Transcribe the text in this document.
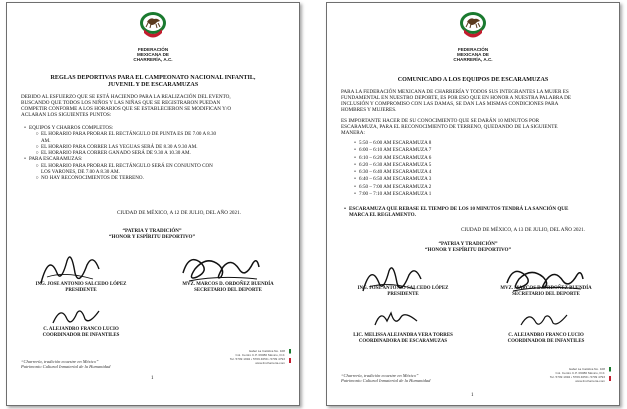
FEDERACIÓN
MEXICANA DE
CHARRERÍA, A.C.
REGLAS DEPORTIVAS PARA EL CAMPEONATO NACIONAL INFANTIL,
JUVENIL Y DE ESCARAMUZAS
DEBIDO AL ESFUERZO QUE SE ESTÁ HACIENDO PARA LA REALIZACIÓN DEL EVENTO,
BUSCANDO QUE TODOS LOS NIÑOS Y LAS NIÑAS QUE SE REGISTRARON PUEDAN
COMPETIR CONFORME A LOS HORARIOS QUE SE ESTABLECIERON SE MODIFICAN Y/O
ACLARAN LOS SIGUIENTES PUNTOS:
• EQUIPOS Y CHARROS COMPLETOS:
○ EL HORARIO PARA PROBAR EL RECTÁNGULO DE PUNTA ES DE 7.00 A 8.30
AM.
○ EL HORARIO PARA CORRER LAS YEGUAS SERÁ DE 8.30 A 9.30 AM.
○ EL HORARIO PARA CORRER GANADO SERÁ DE 9.30 A 10.30 AM.
• PARA ESCARAMUZAS:
○ EL HORARIO PARA PROBAR EL RECTÁNGULO SERÁ EN CONJUNTO CON
LOS VARONES, DE 7.00 A 8.30 AM.
○ NO HAY RECONOCIMIENTOS DE TERRENO.
CIUDAD DE MÉXICO, A 12 DE JULIO, DEL AÑO 2021.
“PATRIA Y TRADICIÓN”
“HONOR Y ESPÍRITU DEPORTIVO”
ING. JOSE ANTONIO SALCEDO LÓPEZ
PRESIDENTE
MVZ. MARCOS D. ORDOÑEZ BUENDÍA
SECRETARIO DEL DEPORTE
C. ALEJANDRO FRANCO LUCIO
COORDINADOR DE INFANTILES
“Charrería, tradición ecuestre en México”
Patrimonio Cultural Inmaterial de la Humanidad
Isabel La Católica No. 108
Col. Centro C.P. 06080 México, D.F.
Tel. 5709 1994 • 5709 4659 • 5709 4793
www.fmcharreria.com
1
FEDERACIÓN
MEXICANA DE
CHARRERÍA, A.C.
COMUNICADO A LOS EQUIPOS DE ESCARAMUZAS
PARA LA FEDERACIÓN MEXICANA DE CHARRERÍA Y TODOS SUS INTEGRANTES LA MUJER ES
FUNDAMENTAL EN NUESTRO DEPORTE, ES POR ESO QUE EN HONOR A NUESTRA PALABRA DE
INCLUSIÓN Y COMPROMISO CON LAS DAMAS, SE DAN LAS MISMAS CONDICIONES PARA
HOMBRES Y MUJERES.
ES IMPORTANTE HACER DE SU CONOCIMIENTO QUE SE DARÁN 10 MINUTOS POR
ESCARAMUZA, PARA EL RECONOCIMIENTO DE TERRENO, QUEDANDO DE LA SIGUIENTE
MANERA:
• 5:50 – 6:00 AM ESCARAMUZA 8
• 6:00 – 6:10 AM ESCARAMUZA 7
• 6:10 – 6:20 AM ESCARAMUZA 6
• 6:20 – 6:30 AM ESCARAMUZA 5
• 6:30 – 6:40 AM ESCARAMUZA 4
• 6:40 – 6:50 AM ESCARAMUZA 3
• 6:50 – 7:00 AM ESCARAMUZA 2
• 7:00 – 7:10 AM ESCARAMUZA 1
• ESCARAMUZA QUE REBASE EL TIEMPO DE LOS 10 MINUTOS TENDRÁ LA SANCIÓN QUE
MARCA EL REGLAMENTO.
CIUDAD DE MÉXICO, A 13 DE JULIO, DEL AÑO 2021.
“PATRIA Y TRADICIÓN”
“HONOR Y ESPÍRITU DEPORTIVO”
ING. JOSE ANTONIO SALCEDO LÓPEZ
PRESIDENTE
MVZ. MARCOS D. ORDOÑEZ BUENDÍA
SECRETARIO DEL DEPORTE
LIC. MELISSA ALEJANDRA VERA TORRES
COORDINADORA DE ESCARAMUZAS
C. ALEJANDRO FRANCO LUCIO
COORDINADOR DE INFANTILES
“Charrería, tradición ecuestre en México”
Patrimonio Cultural Inmaterial de la Humanidad
Isabel La Católica No. 108
Col. Centro C.P. 06080 México, D.F.
Tel. 5709 1994 • 5709 4659 • 5709 4793
www.fmcharreria.com
1
